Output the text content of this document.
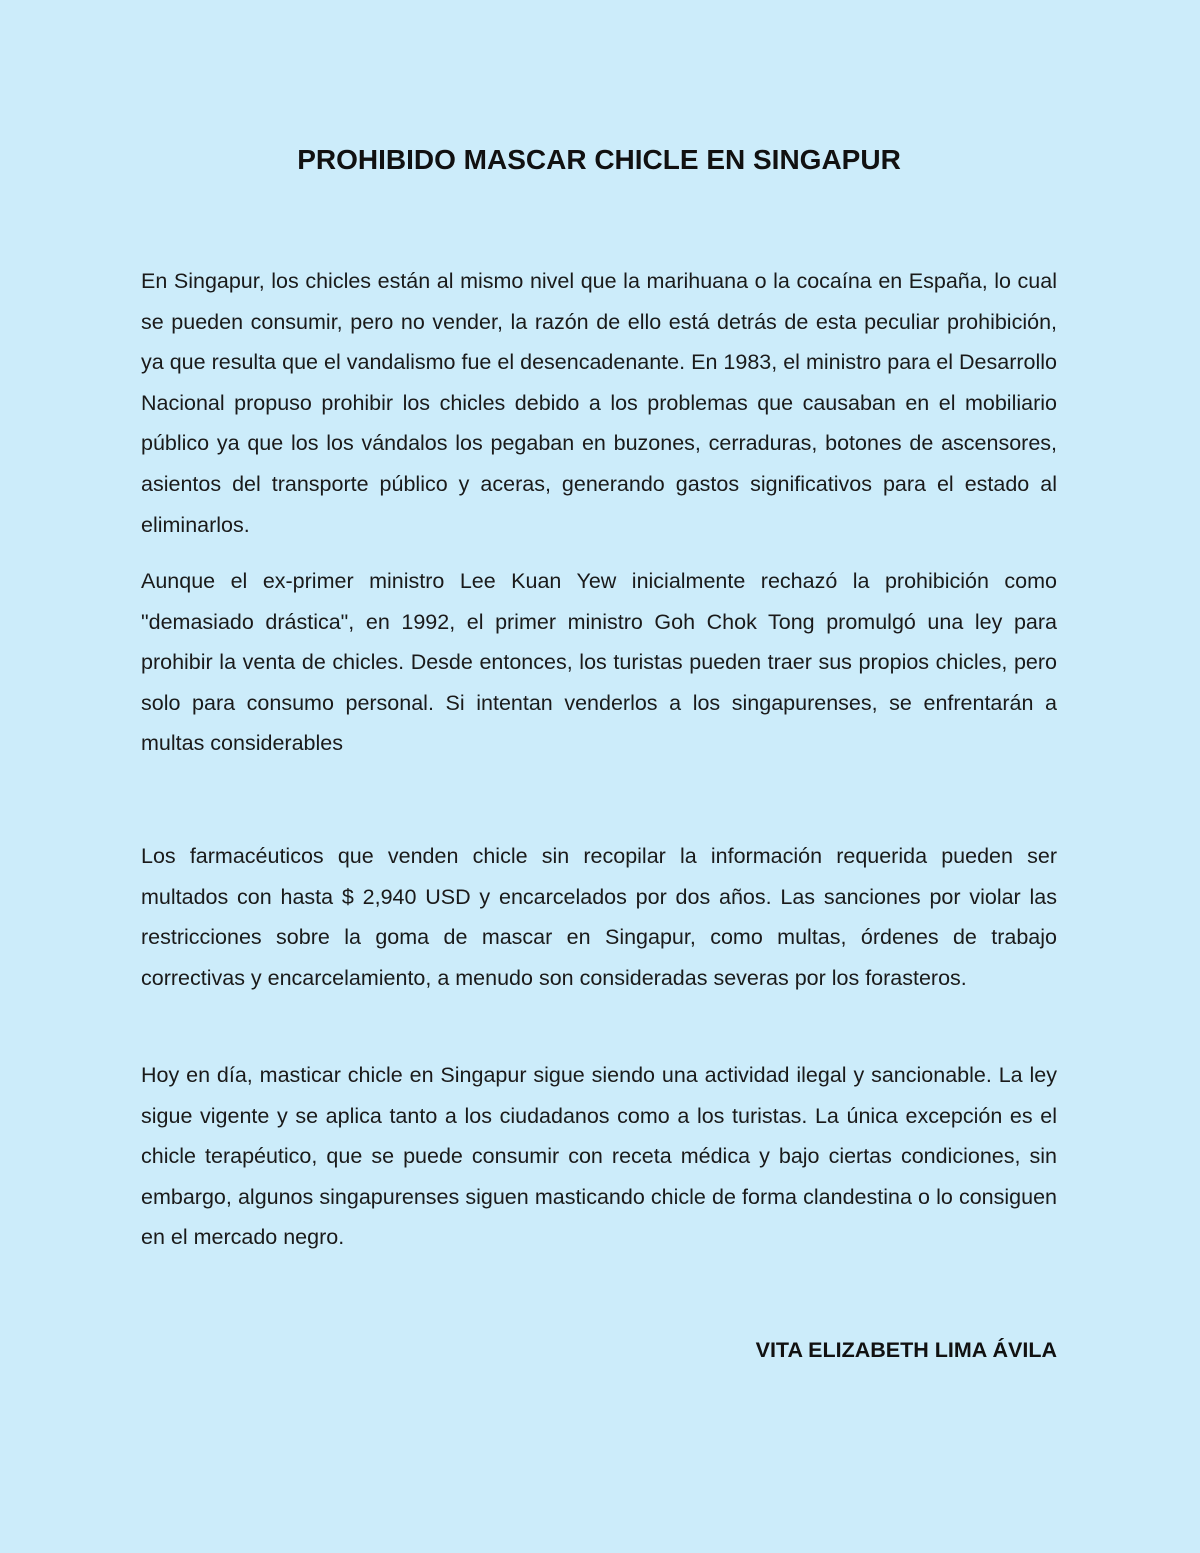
PROHIBIDO MASCAR CHICLE EN SINGAPUR

En Singapur, los chicles están al mismo nivel que la marihuana o la cocaína en España, lo cual se pueden consumir, pero no vender, la razón de ello está detrás de esta peculiar prohibición, ya que resulta que el vandalismo fue el desencadenante. En 1983, el ministro para el Desarrollo Nacional propuso prohibir los chicles debido a los problemas que causaban en el mobiliario público ya que los los vándalos los pegaban en buzones, cerraduras, botones de ascensores, asientos del transporte público y aceras, generando gastos significativos para el estado al eliminarlos.

Aunque el ex-primer ministro Lee Kuan Yew inicialmente rechazó la prohibición como "demasiado drástica", en 1992, el primer ministro Goh Chok Tong promulgó una ley para prohibir la venta de chicles. Desde entonces, los turistas pueden traer sus propios chicles, pero solo para consumo personal. Si intentan venderlos a los singapurenses, se enfrentarán a multas considerables

Los farmacéuticos que venden chicle sin recopilar la información requerida pueden ser multados con hasta $ 2,940 USD y encarcelados por dos años. Las sanciones por violar las restricciones sobre la goma de mascar en Singapur, como multas, órdenes de trabajo correctivas y encarcelamiento, a menudo son consideradas severas por los forasteros.

Hoy en día, masticar chicle en Singapur sigue siendo una actividad ilegal y sancionable. La ley sigue vigente y se aplica tanto a los ciudadanos como a los turistas. La única excepción es el chicle terapéutico, que se puede consumir con receta médica y bajo ciertas condiciones, sin embargo, algunos singapurenses siguen masticando chicle de forma clandestina o lo consiguen en el mercado negro.

VITA ELIZABETH LIMA ÁVILA
